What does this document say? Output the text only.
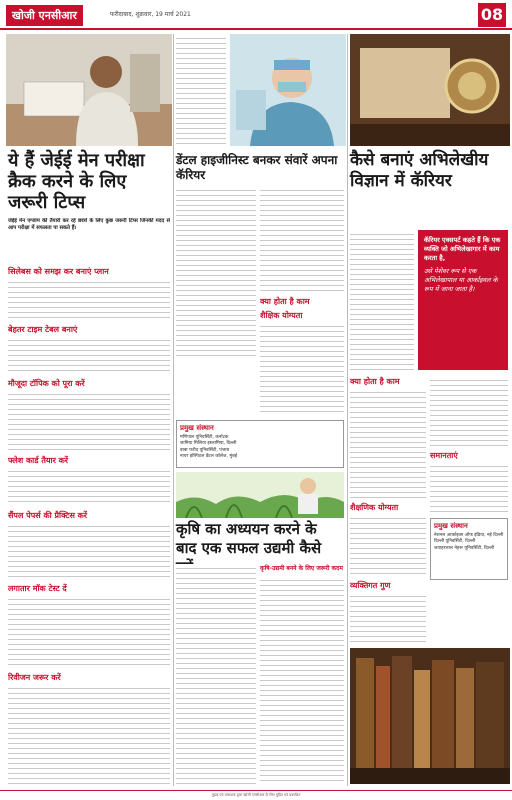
खोजी एनसीआर	फरीदाबाद, शुक्रवार, 19 मार्च 2021	08
ये हैं जेईई मेन परीक्षा क्रैक करने के लिए जरूरी टिप्स
जेईई मेन एग्जाम की तैयारी कर रहे छात्रों के लिए कुछ जरूरी टिप्स जिनकी मदद से आप परीक्षा में सफलता पा सकते हैं।
सिलेबस को समझ कर बनाएं प्लान
बेहतर टाइम टेबल बनाएं
मौजूदा टॉपिक को पूरा करें
फ्लेश कार्ड तैयार करें
सैंपल पेपर्स की प्रैक्टिस करें
लगातार मॉक टेस्ट दें
रिवीजन जरूर करें
डेंटल हाइजीनिस्ट बनकर संवारें अपना कॅरियर
क्या होता है काम
शैक्षिक योग्यता
प्रमुख संस्थान
मणिपाल यूनिवर्सिटी, कर्नाटक
जामिया मिलिया इस्लामिया, दिल्ली
बाबा फरीद यूनिवर्सिटी, पंजाब
नायर हॉस्पिटल डेंटल कॉलेज, मुंबई
कृषि का अध्ययन करने के बाद एक सफल उद्यमी कैसे
कृषि-उद्यमी बनने के लिए जरूरी कदम
कैसे बनाएं अभिलेखीय विज्ञान में कॅरियर
कॅरियर एक्सपर्ट कहते हैं कि एक व्यक्ति जो अभिलेखागार में काम करता है,
उसे पेशेवर रूप से एक अभिलेखापाल या आर्काइवल के रूप में जाना जाता है।
क्या होता है काम
समानताएं
शैक्षणिक योग्यता
प्रमुख संस्थान
नेशनल आर्काइव्स ऑफ इंडिया, नई दिल्ली
दिल्ली यूनिवर्सिटी, दिल्ली
जवाहरलाल नेहरू यूनिवर्सिटी, दिल्ली
व्यक्तिगत गुण
मुद्रक एवं प्रकाशक द्वारा खोजी एनसीआर के लिए मुद्रित एवं प्रकाशित
